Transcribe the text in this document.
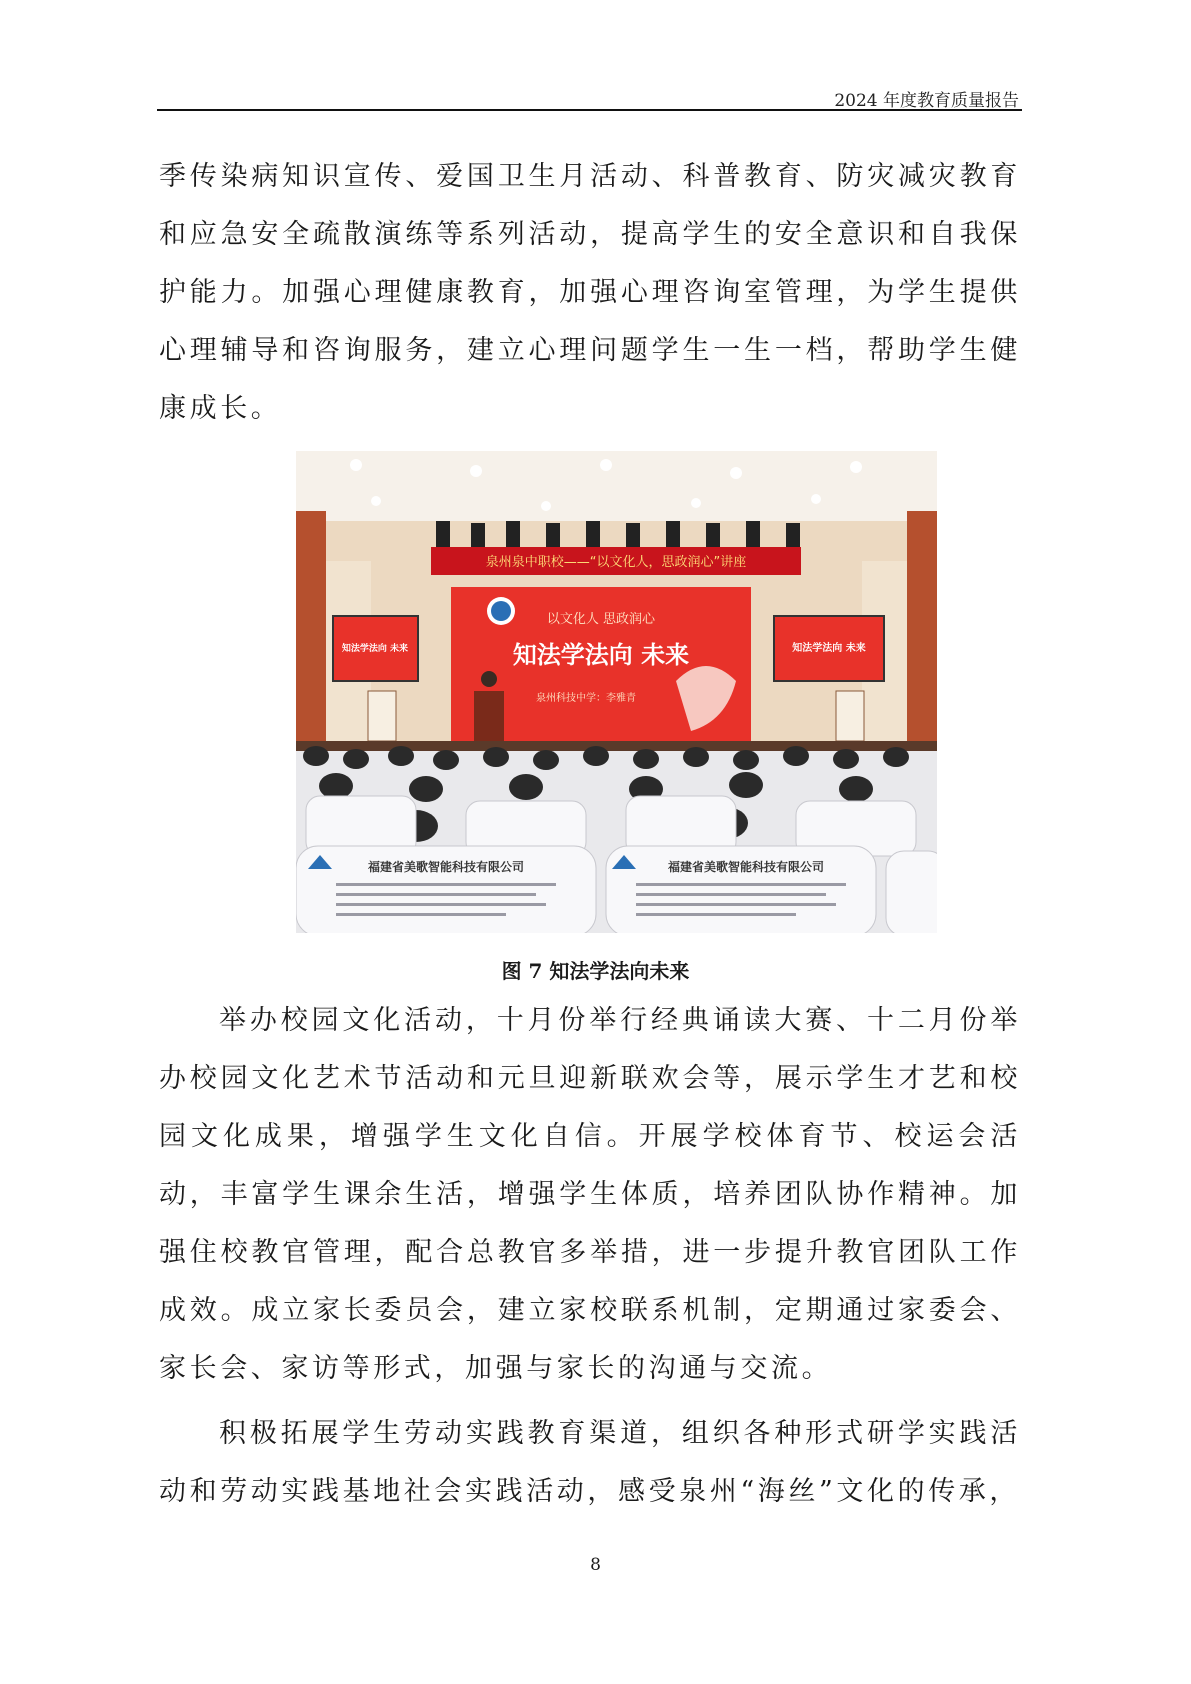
2024 年度教育质量报告

季传染病知识宣传、爱国卫生月活动、科普教育、防灾减灾教育和应急安全疏散演练等系列活动，提高学生的安全意识和自我保护能力。加强心理健康教育，加强心理咨询室管理，为学生提供心理辅导和咨询服务，建立心理问题学生一生一档，帮助学生健康成长。

泉州泉中职校——“以文化人，思政润心”讲座
以文化人 思政润心
知法学法向 未来
泉州科技中学：李雅青
知法学法向 未来	知法学法向 未来
福建省美歌智能科技有限公司	福建省美歌智能科技有限公司
图 7 知法学法向未来

举办校园文化活动，十月份举行经典诵读大赛、十二月份举办校园文化艺术节活动和元旦迎新联欢会等，展示学生才艺和校园文化成果，增强学生文化自信。开展学校体育节、校运会活动，丰富学生课余生活，增强学生体质，培养团队协作精神。加强住校教官管理，配合总教官多举措，进一步提升教官团队工作成效。成立家长委员会，建立家校联系机制，定期通过家委会、家长会、家访等形式，加强与家长的沟通与交流。

积极拓展学生劳动实践教育渠道，组织各种形式研学实践活动和劳动实践基地社会实践活动，感受泉州“海丝”文化的传承，

8
